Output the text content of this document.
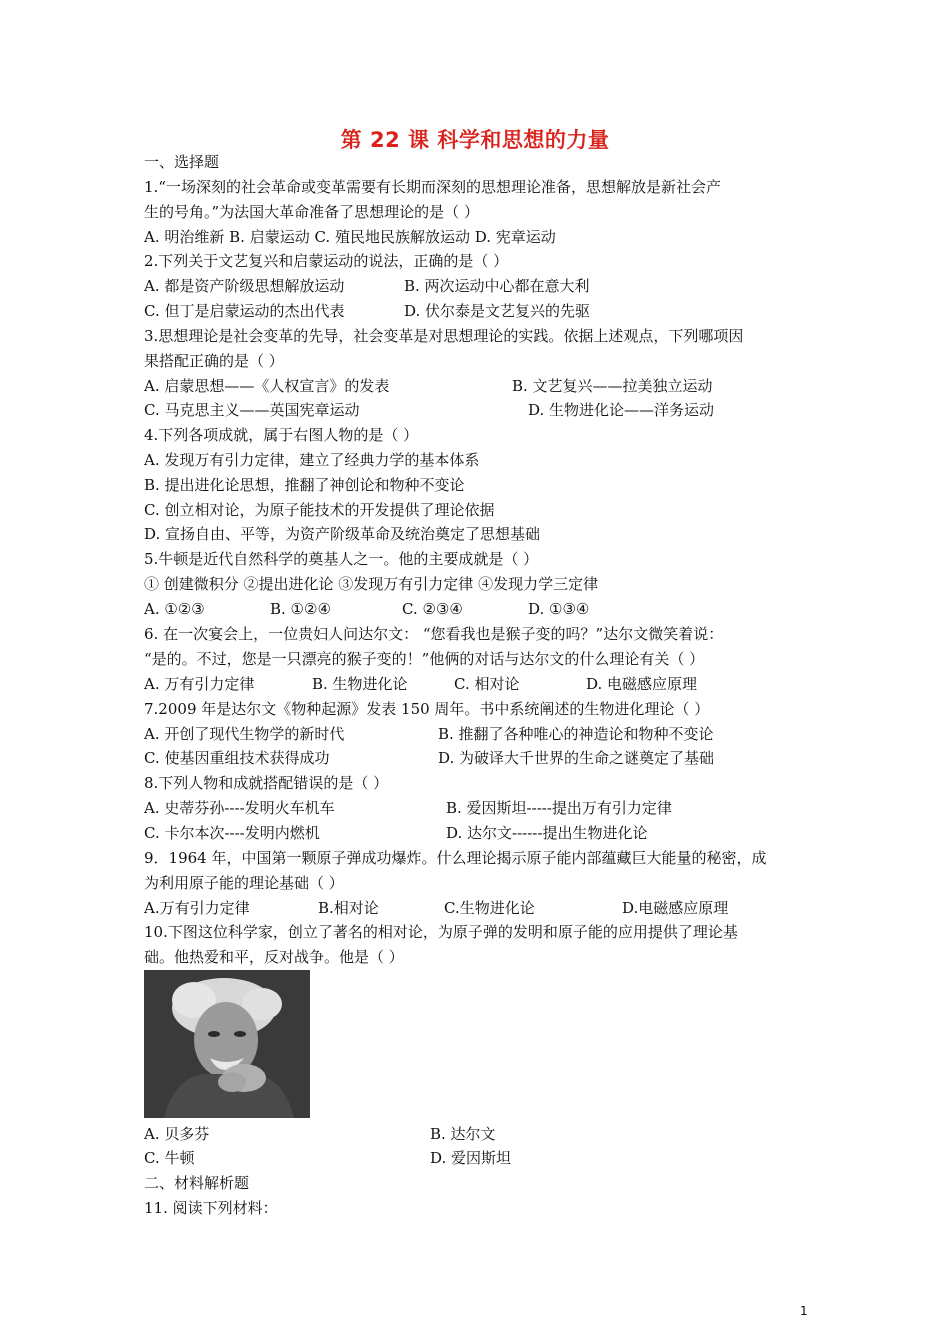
第 22 课 科学和思想的力量
一、选择题
1.“一场深刻的社会革命或变革需要有长期而深刻的思想理论准备，思想解放是新社会产
生的号角。”为法国大革命准备了思想理论的是（ ）
A. 明治维新 B. 启蒙运动 C. 殖民地民族解放运动 D. 宪章运动
2.下列关于文艺复兴和启蒙运动的说法，正确的是（ ）
A. 都是资产阶级思想解放运动	B. 两次运动中心都在意大利
C. 但丁是启蒙运动的杰出代表	D. 伏尔泰是文艺复兴的先驱
3.思想理论是社会变革的先导，社会变革是对思想理论的实践。依据上述观点，下列哪项因
果搭配正确的是（ ）
A. 启蒙思想——《人权宣言》的发表	B. 文艺复兴——拉美独立运动
C. 马克思主义——英国宪章运动	D. 生物进化论——洋务运动
4.下列各项成就，属于右图人物的是（ ）
A. 发现万有引力定律，建立了经典力学的基本体系
B. 提出进化论思想，推翻了神创论和物种不变论
C. 创立相对论，为原子能技术的开发提供了理论依据
D. 宣扬自由、平等，为资产阶级革命及统治奠定了思想基础
5.牛顿是近代自然科学的奠基人之一。他的主要成就是（ ）
① 创建微积分 ②提出进化论 ③发现万有引力定律 ④发现力学三定律
A. ①②③	B. ①②④	C. ②③④	D. ①③④
6. 在一次宴会上，一位贵妇人问达尔文： “您看我也是猴子变的吗？”达尔文微笑着说：
“是的。不过，您是一只漂亮的猴子变的！”他俩的对话与达尔文的什么理论有关（ ）
A. 万有引力定律	B. 生物进化论	C. 相对论	D. 电磁感应原理
7.2009 年是达尔文《物种起源》发表 150 周年。书中系统阐述的生物进化理论（ ）
A. 开创了现代生物学的新时代	B. 推翻了各种唯心的神造论和物种不变论
C. 使基因重组技术获得成功	D. 为破译大千世界的生命之谜奠定了基础
8.下列人物和成就搭配错误的是（ ）
A. 史蒂芬孙----发明火车机车	B. 爱因斯坦-----提出万有引力定律
C. 卡尔本次----发明内燃机	D. 达尔文------提出生物进化论
9．1964 年，中国第一颗原子弹成功爆炸。什么理论揭示原子能内部蕴藏巨大能量的秘密，成
为利用原子能的理论基础（ ）
A.万有引力定律	B.相对论	C.生物进化论	D.电磁感应原理
10.下图这位科学家，创立了著名的相对论，为原子弹的发明和原子能的应用提供了理论基
础。他热爱和平，反对战争。他是（ ）
A. 贝多芬	B. 达尔文
C. 牛顿	D. 爱因斯坦
二、材料解析题
11. 阅读下列材料：
1
